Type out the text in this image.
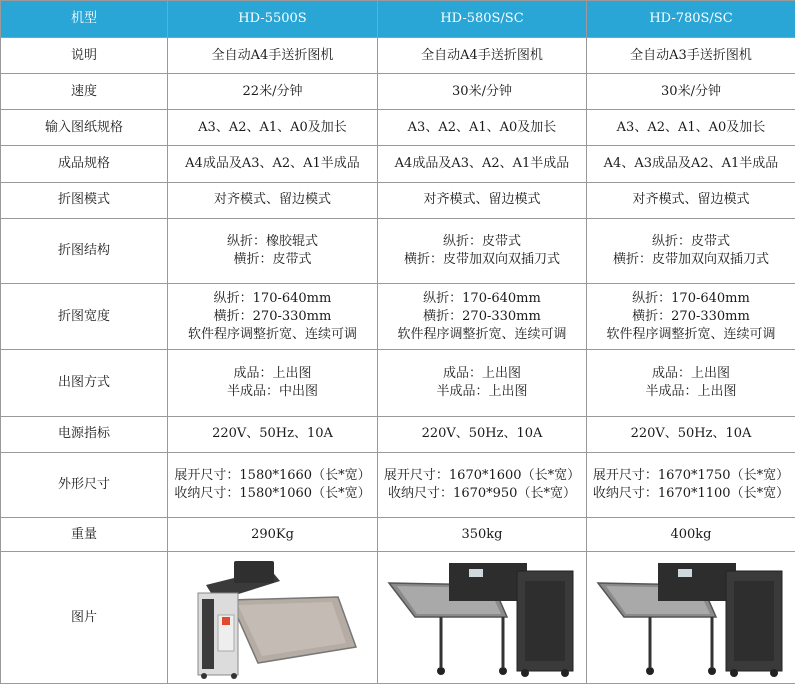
机型	HD-5500S	HD-580S/SC	HD-780S/SC
说明	全自动A4手送折图机	全自动A4手送折图机	全自动A3手送折图机

速度	22米/分钟	30米/分钟	30米/分钟

输入图纸规格	A3、A2、A1、A0及加长	A3、A2、A1、A0及加长	A3、A2、A1、A0及加长

成品规格	A4成品及A3、A2、A1半成品	A4成品及A3、A2、A1半成品	A4、A3成品及A2、A1半成品

折图模式	对齐模式、留边模式	对齐模式、留边模式	对齐模式、留边模式

折图结构	纵折：橡胶辊式
横折：皮带式	纵折：皮带式
横折：皮带加双向双插刀式	纵折：皮带式
横折：皮带加双向双插刀式

折图宽度	纵折：170-640mm
横折：270-330mm
软件程序调整折宽、连续可调	纵折：170-640mm
横折：270-330mm
软件程序调整折宽、连续可调	纵折：170-640mm
横折：270-330mm
软件程序调整折宽、连续可调

出图方式	成品：上出图
半成品：中出图	成品：上出图
半成品：上出图	成品：上出图
半成品：上出图

电源指标	220V、50Hz、10A	220V、50Hz、10A	220V、50Hz、10A

外形尺寸	展开尺寸：1580*1660（长*宽）
收纳尺寸：1580*1060（长*宽）	展开尺寸：1670*1600（长*宽）
收纳尺寸：1670*950（长*宽）	展开尺寸：1670*1750（长*宽）
收纳尺寸：1670*1100（长*宽）

重量	290Kg	350kg	400kg

图片	
